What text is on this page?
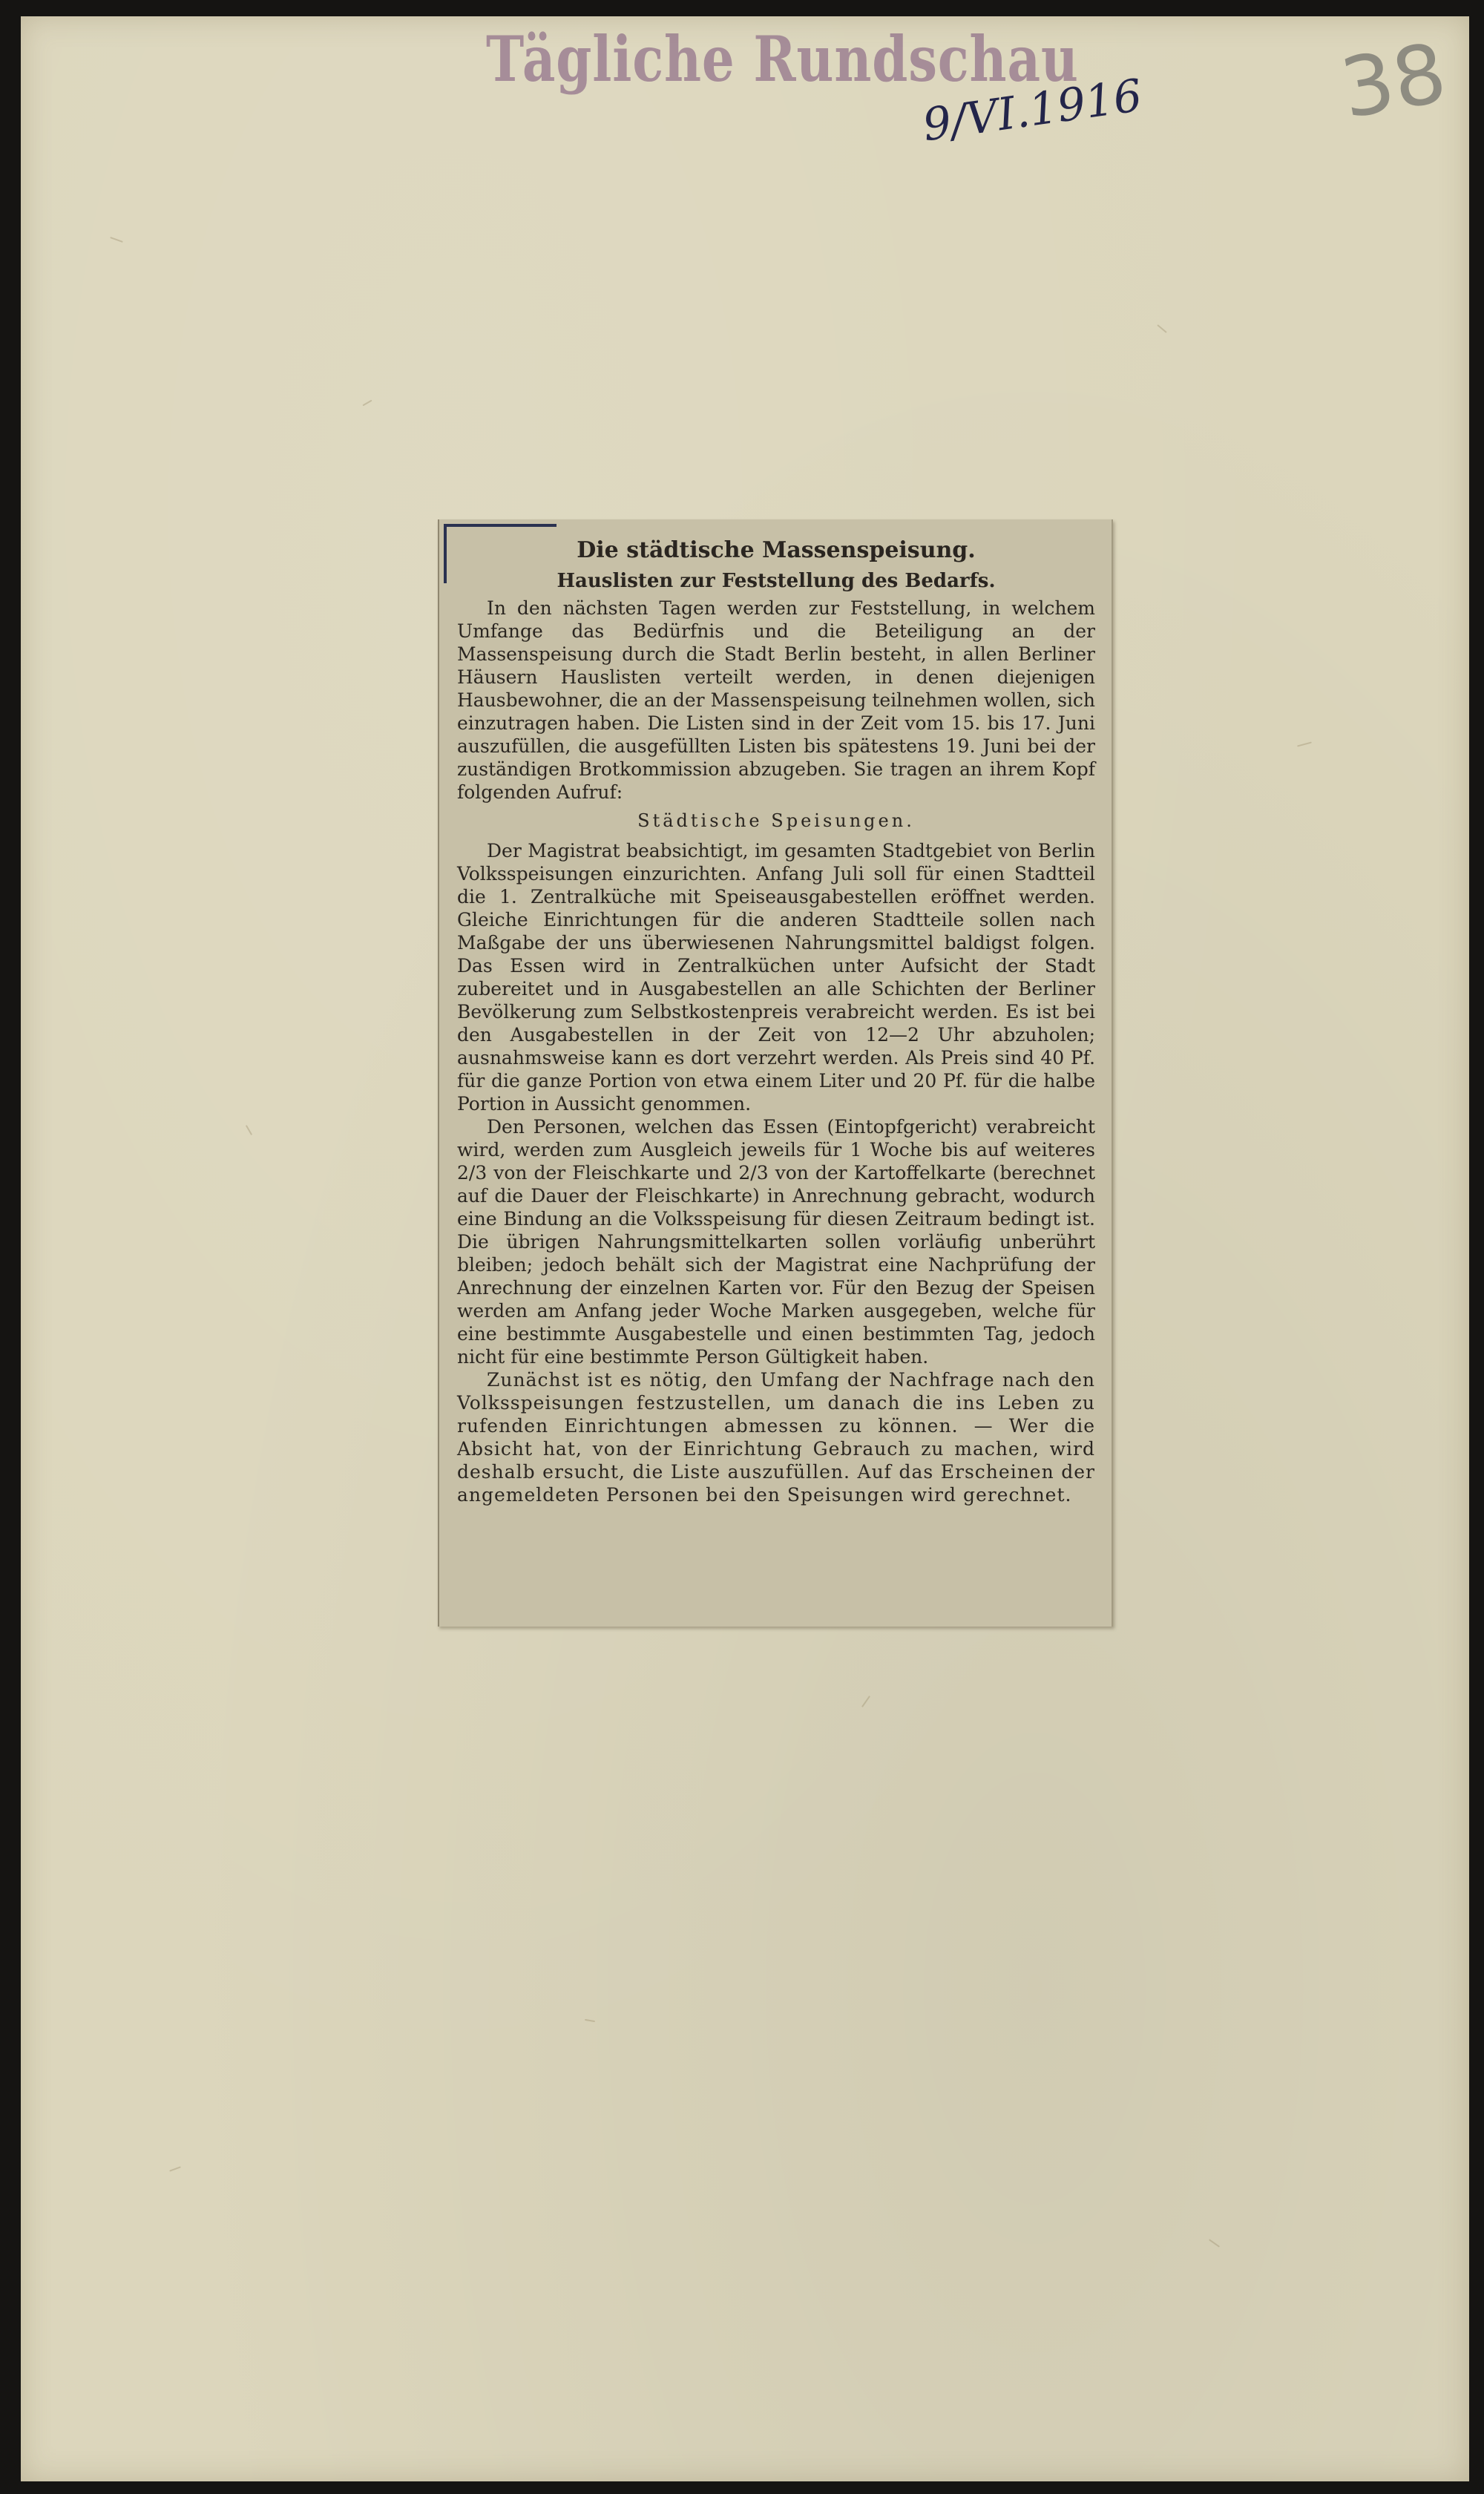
Tägliche Rundschau
9/VI.1916 38
Die städtische Massenspeisung.
Hauslisten zur Feststellung des Bedarfs.

In den nächsten Tagen werden zur Feststellung, in welchem Umfange das Bedürfnis und die Beteiligung an der Massenspeisung durch die Stadt Berlin besteht, in allen Berliner Häusern Hauslisten verteilt werden, in denen diejenigen Hausbewohner, die an der Massenspeisung teilnehmen wollen, sich einzutragen haben. Die Listen sind in der Zeit vom 15. bis 17. Juni auszufüllen, die ausgefüllten Listen bis spätestens 19. Juni bei der zuständigen Brotkommission abzugeben. Sie tragen an ihrem Kopf folgenden Aufruf:

Städtische Speisungen.

Der Magistrat beabsichtigt, im gesamten Stadtgebiet von Berlin Volksspeisungen einzurichten. Anfang Juli soll für einen Stadtteil die 1. Zentralküche mit Speiseausgabestellen eröffnet werden. Gleiche Einrichtungen für die anderen Stadtteile sollen nach Maßgabe der uns überwiesenen Nahrungsmittel baldigst folgen. Das Essen wird in Zentralküchen unter Aufsicht der Stadt zubereitet und in Ausgabestellen an alle Schichten der Berliner Bevölkerung zum Selbstkostenpreis verabreicht werden. Es ist bei den Ausgabestellen in der Zeit von 12—2 Uhr abzuholen; ausnahmsweise kann es dort verzehrt werden. Als Preis sind 40 Pf. für die ganze Portion von etwa einem Liter und 20 Pf. für die halbe Portion in Aussicht genommen.

Den Personen, welchen das Essen (Eintopfgericht) verabreicht wird, werden zum Ausgleich jeweils für 1 Woche bis auf weiteres 2/3 von der Fleischkarte und 2/3 von der Kartoffelkarte (berechnet auf die Dauer der Fleischkarte) in Anrechnung gebracht, wodurch eine Bindung an die Volksspeisung für diesen Zeitraum bedingt ist. Die übrigen Nahrungsmittelkarten sollen vorläufig unberührt bleiben; jedoch behält sich der Magistrat eine Nachprüfung der Anrechnung der einzelnen Karten vor. Für den Bezug der Speisen werden am Anfang jeder Woche Marken ausgegeben, welche für eine bestimmte Ausgabestelle und einen bestimmten Tag, jedoch nicht für eine bestimmte Person Gültigkeit haben.

Zunächst ist es nötig, den Umfang der Nachfrage nach den Volksspeisungen festzustellen, um danach die ins Leben zu rufenden Einrichtungen abmessen zu können. — Wer die Absicht hat, von der Einrichtung Gebrauch zu machen, wird deshalb ersucht, die Liste auszufüllen. Auf das Erscheinen der angemeldeten Personen bei den Speisungen wird gerechnet.
